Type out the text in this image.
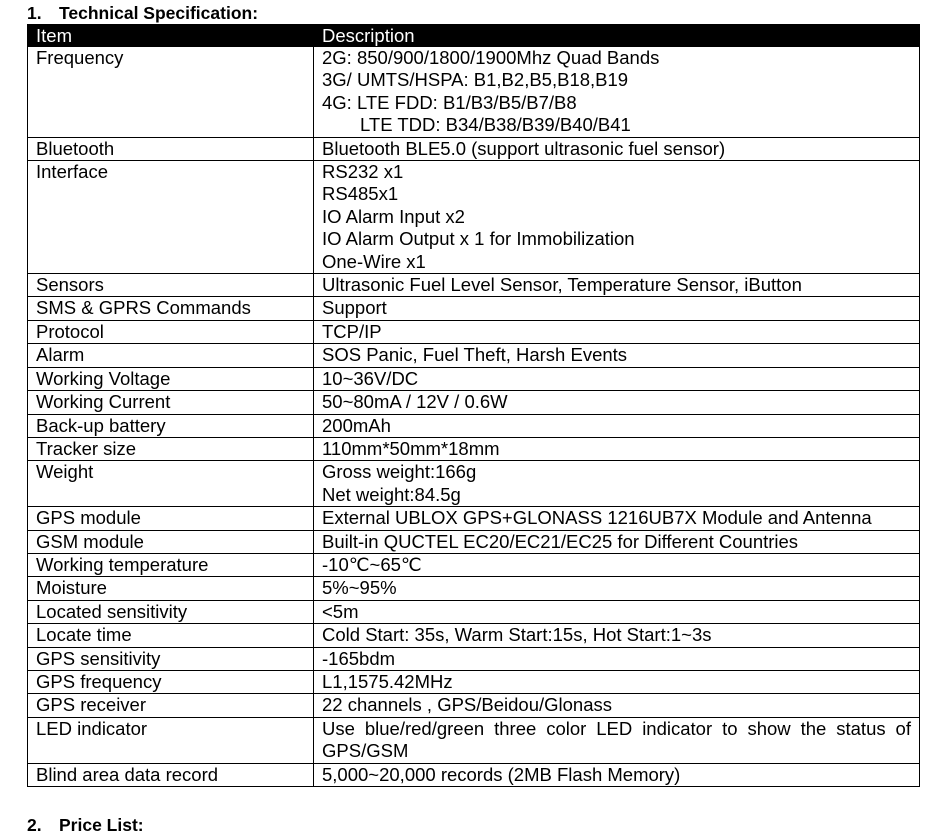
1. Technical Specification:
Item	Description
Frequency	2G: 850/900/1800/1900Mhz Quad Bands
3G/ UMTS/HSPA: B1,B2,B5,B18,B19
4G: LTE FDD: B1/B3/B5/B7/B8
LTE TDD: B34/B38/B39/B40/B41

Bluetooth	Bluetooth BLE5.0 (support ultrasonic fuel sensor)

Interface	RS232 x1
RS485x1
IO Alarm Input x2
IO Alarm Output x 1 for Immobilization
One-Wire x1

Sensors	Ultrasonic Fuel Level Sensor, Temperature Sensor, iButton

SMS & GPRS Commands	Support

Protocol	TCP/IP

Alarm	SOS Panic, Fuel Theft, Harsh Events

Working Voltage	10~36V/DC

Working Current	50~80mA / 12V / 0.6W

Back-up battery	200mAh

Tracker size	110mm*50mm*18mm

Weight	Gross weight:166g
Net weight:84.5g

GPS module	External UBLOX GPS+GLONASS 1216UB7X Module and Antenna

GSM module	Built-in QUCTEL EC20/EC21/EC25 for Different Countries

Working temperature	-10℃~65℃

Moisture	5%~95%

Located sensitivity	<5m

Locate time	Cold Start: 35s, Warm Start:15s, Hot Start:1~3s

GPS sensitivity	-165bdm

GPS frequency	L1,1575.42MHz

GPS receiver	22 channels , GPS/Beidou/Glonass

LED indicator	Use blue/red/green three color LED indicator to show the status of GPS/GSM

Blind area data record	5,000~20,000 records (2MB Flash Memory)
2. Price List:
